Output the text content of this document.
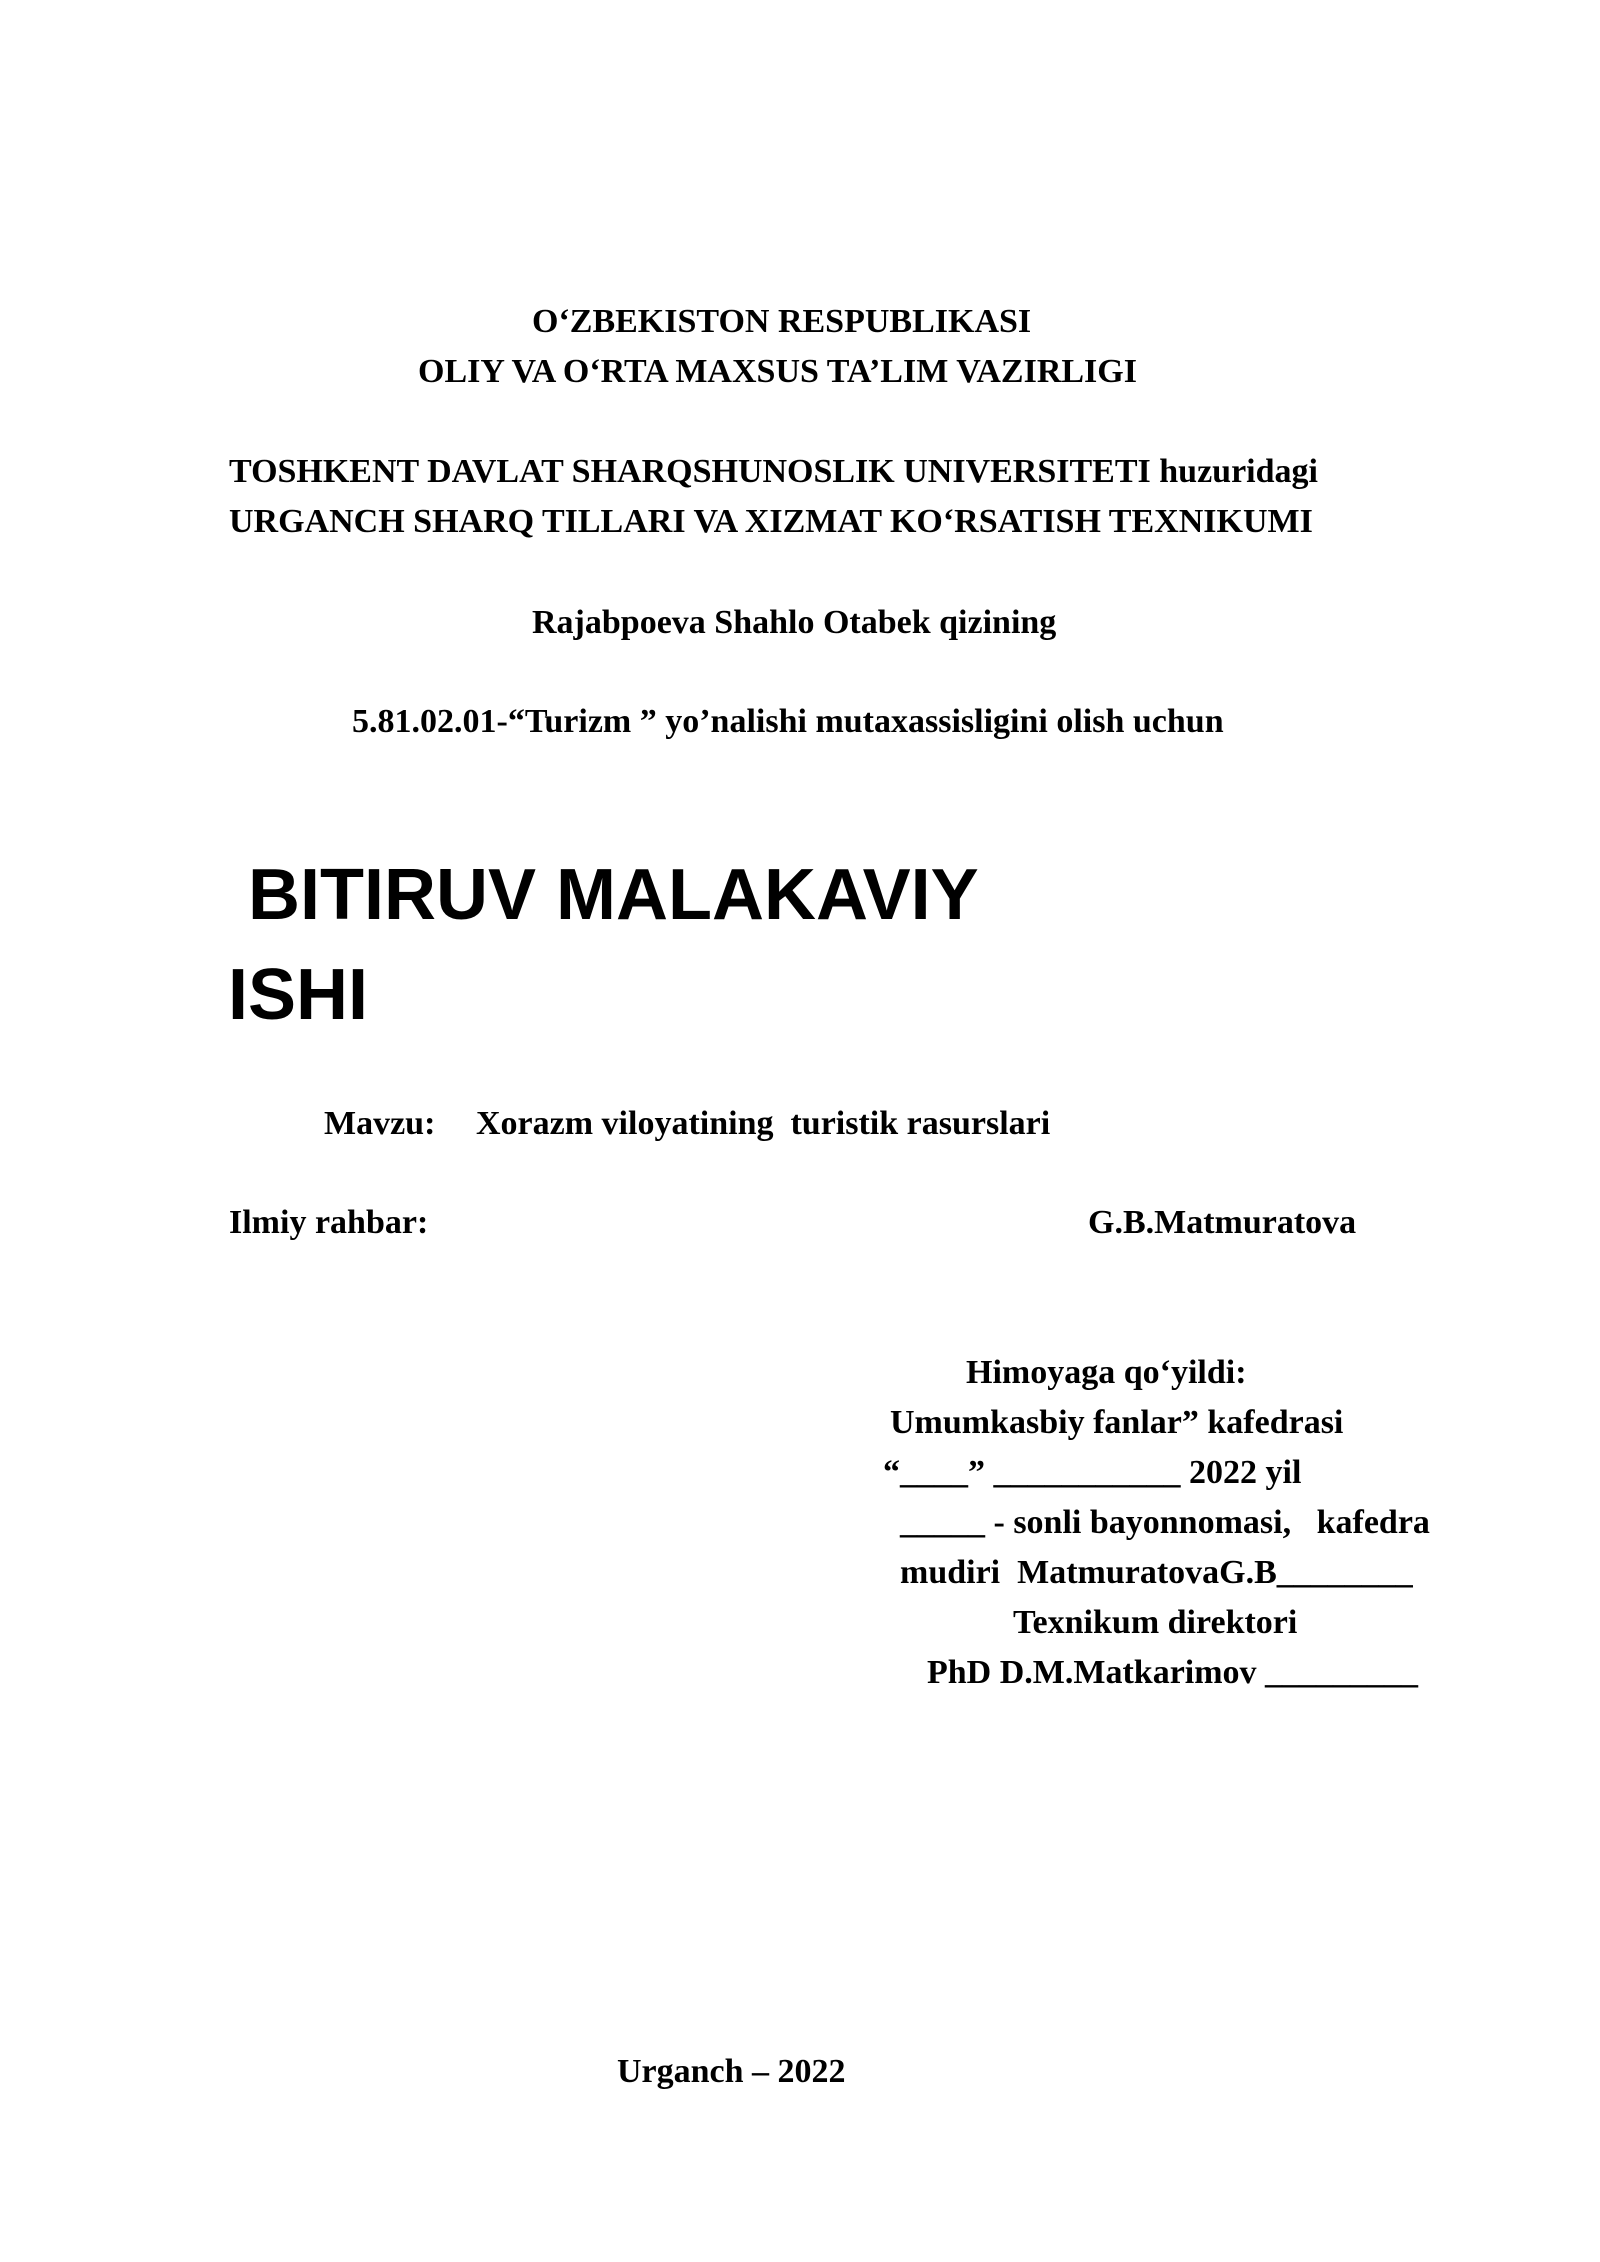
O‘ZBEKISTON RESPUBLIKASI
OLIY VA O‘RTA MAXSUS TA’LIM VAZIRLIGI
TOSHKENT DAVLAT SHARQSHUNOSLIK UNIVERSITETI huzuridagi
URGANCH SHARQ TILLARI VA XIZMAT KO‘RSATISH TEXNIKUMI
Rajabpoeva Shahlo Otabek qizining
5.81.02.01-“Turizm ” yo’nalishi mutaxassisligini olish uchun
BITIRUV MALAKAVIY
ISHI
Mavzu: Xorazm viloyatining  turistik rasurslari
Ilmiy rahbar:	G.B.Matmuratova
Himoyaga qo‘yildi:
Umumkasbiy fanlar” kafedrasi
“____” ___________ 2022 yil
_____ - sonli bayonnomasi,   kafedra
mudiri  MatmuratovaG.B________
Texnikum direktori
PhD D.M.Matkarimov _________
Urganch – 2022
